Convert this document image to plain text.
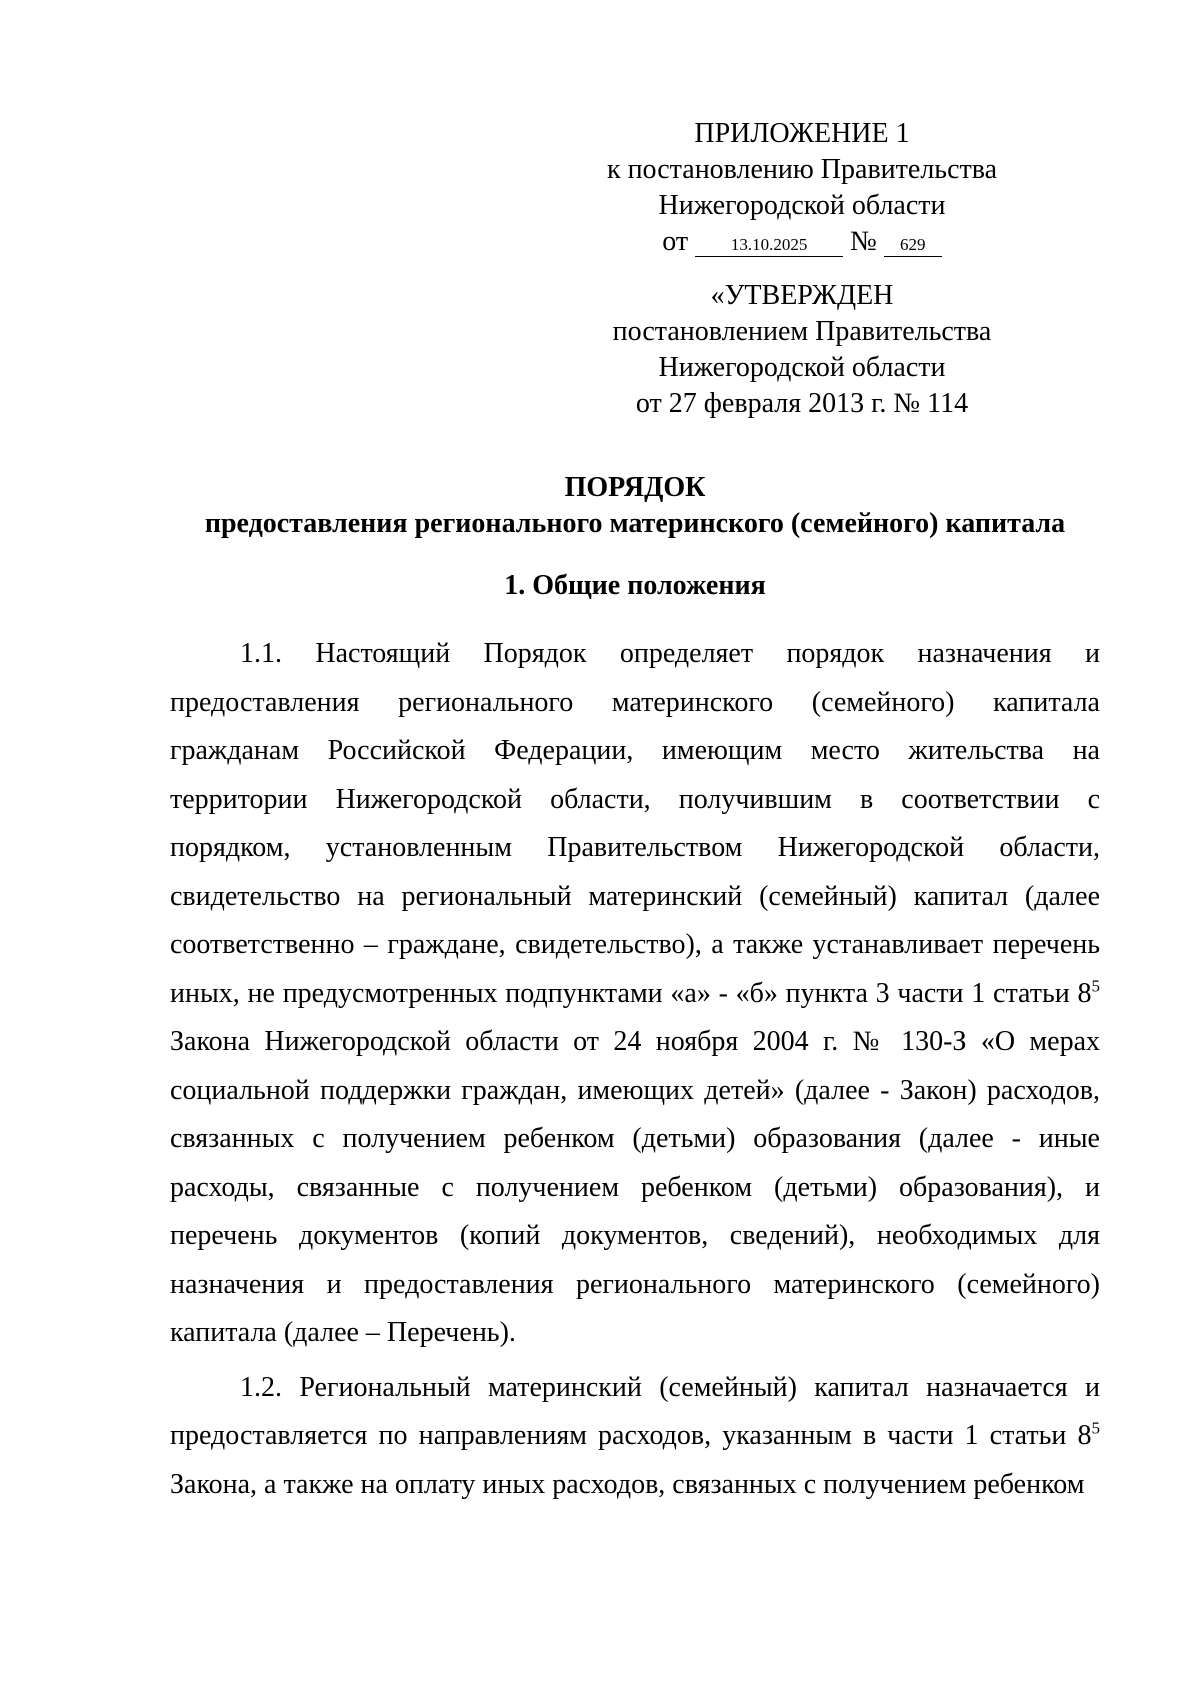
ПРИЛОЖЕНИЕ 1
к постановлению Правительства
Нижегородской области
от	13.10.2025 № 629
«УТВЕРЖДЕН
постановлением Правительства
Нижегородской области
от 27 февраля 2013 г. № 114
ПОРЯДОК
предоставления регионального материнского (семейного) капитала
1. Общие положения

1.1. Настоящий Порядок определяет порядок назначения и предоставления регионального материнского (семейного) капитала гражданам Российской Федерации, имеющим место жительства на территории Нижегородской области, получившим в соответствии с порядком, установленным Правительством Нижегородской области, свидетельство на региональный материнский (семейный) капитал (далее соответственно – граждане, свидетельство), а также устанавливает перечень иных, не предусмотренных подпунктами «а» - «б» пункта 3 части 1 статьи $8^5$ Закона Нижегородской области от 24 ноября 2004 г. № 130-З «О мерах социальной поддержки граждан, имеющих детей» (далее - Закон) расходов, связанных с получением ребенком (детьми) образования (далее - иные расходы, связанные с получением ребенком (детьми) образования), и перечень документов (копий документов, сведений), необходимых для назначения и предоставления регионального материнского (семейного) капитала (далее – Перечень).

1.2. Региональный материнский (семейный) капитал назначается и предоставляется по направлениям расходов, указанным в части 1 статьи $8^5$ Закона, а также на оплату иных расходов, связанных с получением ребенком
